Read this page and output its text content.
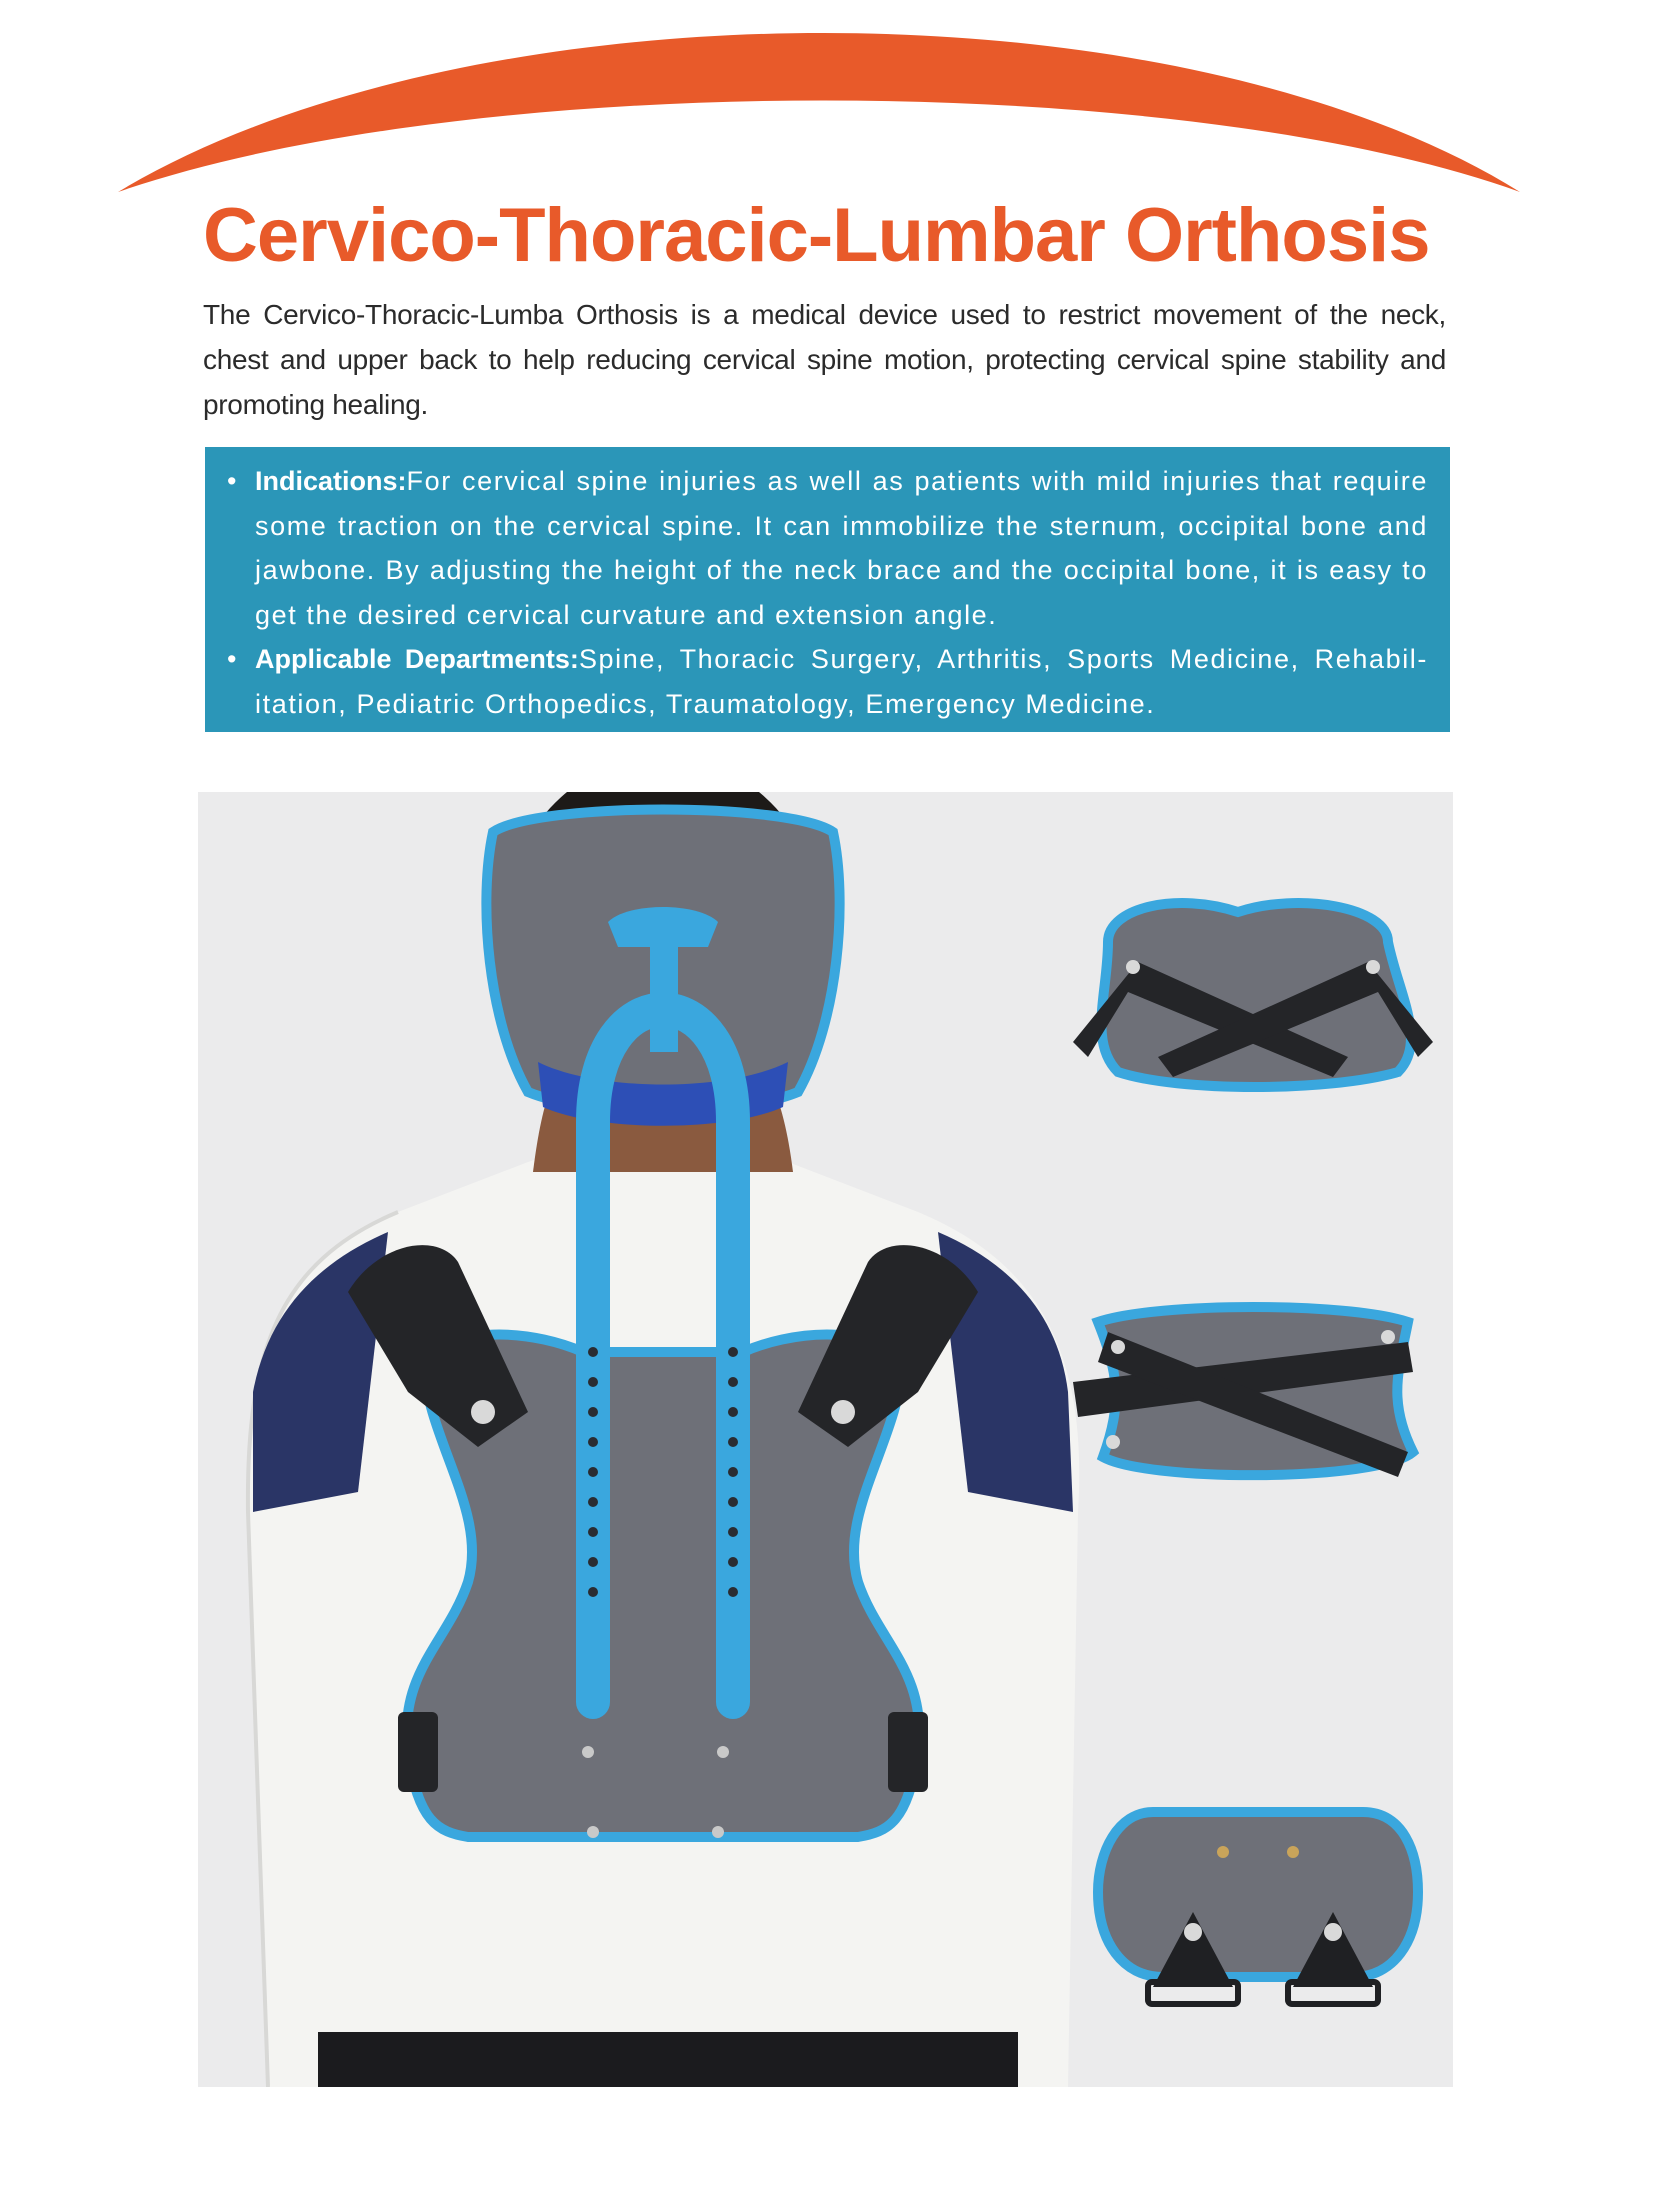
Cervico-Thoracic-Lumbar Orthosis

The Cervico-Thoracic-Lumba Orthosis is a medical device used to restrict movement of the neck, chest and upper back to help reducing cervical spine motion, protecting cervical spine stability and promoting healing.

• Indications:For cervical spine injuries as well as patients with mild injuries that require some traction on the cervical spine. It can immobilize the sternum, occipital bone and jawbone. By adjusting the height of the neck brace and the occipital bone, it is easy to get the desired cervical curvature and extension angle.
• Applicable Departments:Spine, Thoracic Surgery, Arthritis, Sports Medicine, Rehabil-itation, Pediatric Orthopedics, Traumatology, Emergency Medicine.
